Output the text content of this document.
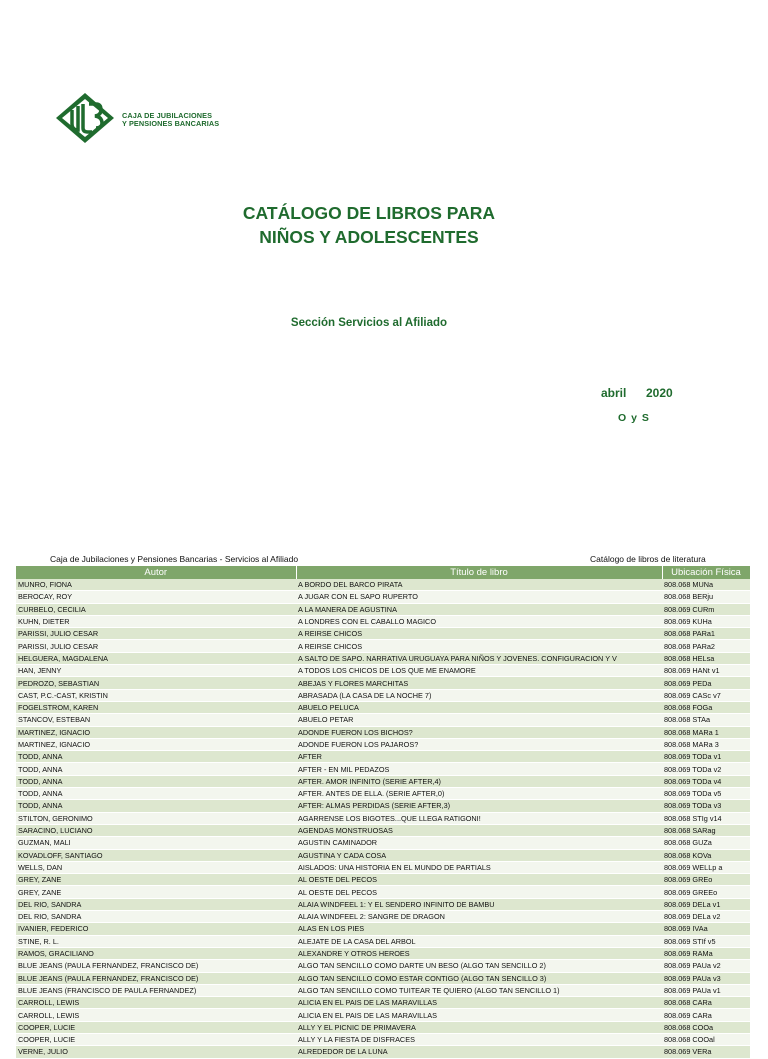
CAJA DE JUBILACIONES
Y PENSIONES BANCARIAS
CATÁLOGO DE LIBROS PARA
NIÑOS Y ADOLESCENTES
Sección Servicios al Afiliado
abril 2020
O y S
Caja de Jubilaciones y Pensiones Bancarias - Servicios al Afiliado	Catálogo de libros de literatura
Autor	Título de libro	Ubicación Física
MUNRO, FIONA	A BORDO DEL BARCO PIRATA	808.068 MUNa
BEROCAY, ROY	A JUGAR CON EL SAPO RUPERTO	808.068 BERju
CURBELO, CECILIA	A LA MANERA DE AGUSTINA	808.069 CURm
KUHN, DIETER	A LONDRES CON EL CABALLO MAGICO	808.069 KUHa
PARISSI, JULIO CESAR	A REIRSE CHICOS	808.068 PARa1
PARISSI, JULIO CESAR	A REIRSE CHICOS	808.068 PARa2
HELGUERA, MAGDALENA	A SALTO DE SAPO. NARRATIVA URUGUAYA PARA NIÑOS Y JOVENES. CONFIGURACION Y V	808.068 HELsa
HAN, JENNY	A TODOS LOS CHICOS DE LOS QUE ME ENAMORE	808.069 HANt v1
PEDROZO, SEBASTIAN	ABEJAS Y FLORES MARCHITAS	808.069 PEDa
CAST, P.C.-CAST, KRISTIN	ABRASADA (LA CASA DE LA NOCHE 7)	808.069 CASc v7
FOGELSTROM, KAREN	ABUELO PELUCA	808.068 FOGa
STANCOV, ESTEBAN	ABUELO PETAR	808.068 STAa
MARTINEZ, IGNACIO	ADONDE FUERON LOS BICHOS?	808.068 MARa 1
MARTINEZ, IGNACIO	ADONDE FUERON LOS PAJAROS?	808.068 MARa 3
TODD, ANNA	AFTER	808.069 TODa v1
TODD, ANNA	AFTER - EN MIL PEDAZOS	808.069 TODa v2
TODD, ANNA	AFTER. AMOR INFINITO (SERIE AFTER,4)	808.069 TODa v4
TODD, ANNA	AFTER. ANTES DE ELLA. (SERIE AFTER,0)	808.069 TODa v5
TODD, ANNA	AFTER: ALMAS PERDIDAS (SERIE AFTER,3)	808.069 TODa v3
STILTON, GERONIMO	AGARRENSE LOS BIGOTES...QUE LLEGA RATIGONI!	808.068 STIg v14
SARACINO, LUCIANO	AGENDAS MONSTRUOSAS	808.068 SARag
GUZMAN, MALI	AGUSTIN CAMINADOR	808.068 GUZa
KOVADLOFF, SANTIAGO	AGUSTINA Y CADA COSA	808.068 KOVa
WELLS, DAN	AISLADOS: UNA HISTORIA EN EL MUNDO DE PARTIALS	808.069 WELLp a
GREY, ZANE	AL OESTE DEL PECOS	808.069 GREo
GREY, ZANE	AL OESTE DEL PECOS	808.069 GREEo
DEL RIO, SANDRA	ALAIA WINDFEEL 1: Y EL SENDERO INFINITO DE BAMBU	808.069 DELa v1
DEL RIO, SANDRA	ALAIA WINDFEEL 2: SANGRE DE DRAGON	808.069 DELa v2
IVANIER, FEDERICO	ALAS EN LOS PIES	808.069 IVAa
STINE, R. L.	ALEJATE DE LA CASA DEL ARBOL	808.069 STIf v5
RAMOS, GRACILIANO	ALEXANDRE Y OTROS HEROES	808.069 RAMa
BLUE JEANS (PAULA FERNANDEZ, FRANCISCO DE)	ALGO TAN SENCILLO COMO DARTE UN BESO (ALGO TAN SENCILLO 2)	808.069 PAUa v2
BLUE JEANS (PAULA FERNANDEZ, FRANCISCO DE)	ALGO TAN SENCILLO COMO ESTAR CONTIGO (ALGO TAN SENCILLO 3)	808.069 PAUa v3
BLUE JEANS (FRANCISCO DE PAULA FERNANDEZ)	ALGO TAN SENCILLO COMO TUITEAR TE QUIERO (ALGO TAN SENCILLO 1)	808.069 PAUa v1
CARROLL, LEWIS	ALICIA EN EL PAIS DE LAS MARAVILLAS	808.068 CARa
CARROLL, LEWIS	ALICIA EN EL PAIS DE LAS MARAVILLAS	808.069 CARa
COOPER, LUCIE	ALLY Y EL PICNIC DE PRIMAVERA	808.068 COOa
COOPER, LUCIE	ALLY Y LA FIESTA DE DISFRACES	808.068 COOal
VERNE, JULIO	ALREDEDOR DE LA LUNA	808.069 VERa
